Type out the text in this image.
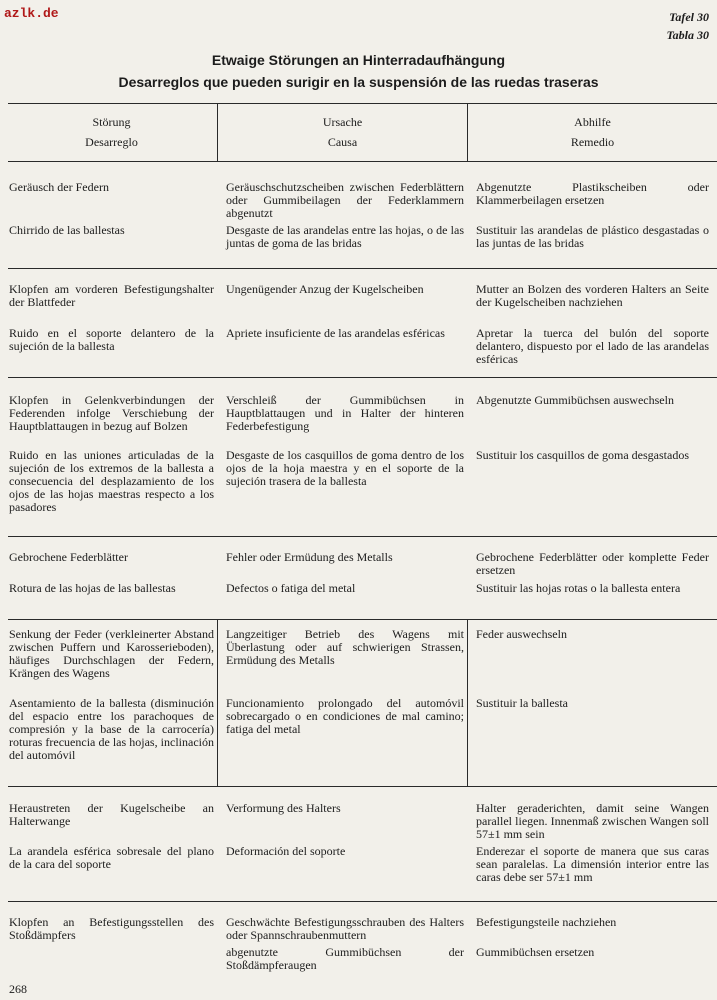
azlk.de	Tafel 30
Tabla 30
Etwaige Störungen an Hinterradaufhängung
Desarreglos que pueden surigir en la suspensión de las ruedas traseras
Störung
Desarreglo
Ursache
Causa
Abhilfe
Remedio
Geräusch der Federn
Chirrido de las ballestas
Geräuschschutzscheiben zwischen Federblättern oder Gummibeilagen der Federklammern abgenutzt
Desgaste de las arandelas entre las hojas, o de las juntas de goma de las bridas
Abgenutzte Plastikscheiben oder Klammerbeilagen ersetzen
Sustituir las arandelas de plástico desgastadas o las juntas de las bridas
Klopfen am vorderen Befestigungshalter der Blattfeder
Ruido en el soporte delantero de la sujeción de la ballesta
Ungenügender Anzug der Kugelscheiben
Apriete insuficiente de las arandelas esféricas
Mutter an Bolzen des vorderen Halters an Seite der Kugelscheiben nachziehen
Apretar la tuerca del bulón del soporte delantero, dispuesto por el lado de las arandelas esféricas
Klopfen in Gelenkverbindungen der Federenden infolge Verschiebung der Hauptblattaugen in bezug auf Bolzen
Ruido en las uniones articuladas de la sujeción de los extremos de la ballesta a consecuencia del desplazamiento de los ojos de las hojas maestras respecto a los pasadores
Verschleiß der Gummibüchsen in Hauptblattaugen und in Halter der hinteren Federbefestigung
Desgaste de los casquillos de goma dentro de los ojos de la hoja maestra y en el soporte de la sujeción trasera de la ballesta
Abgenutzte Gummibüchsen auswechseln
Sustituir los casquillos de goma desgastados
Gebrochene Federblätter
Rotura de las hojas de las ballestas
Fehler oder Ermüdung des Metalls
Defectos o fatiga del metal
Gebrochene Federblätter oder komplette Feder ersetzen
Sustituir las hojas rotas o la ballesta entera
Senkung der Feder (verkleinerter Abstand zwischen Puffern und Karosserieboden), häufiges Durchschlagen der Federn, Krängen des Wagens
Asentamiento de la ballesta (disminución del espacio entre los parachoques de compresión y la base de la carrocería) roturas frecuencia de las hojas, inclinación del automóvil
Langzeitiger Betrieb des Wagens mit Überlastung oder auf schwierigen Strassen, Ermüdung des Metalls
Funcionamiento prolongado del automóvil sobrecargado o en condiciones de mal camino; fatiga del metal
Feder auswechseln
Sustituir la ballesta
Heraustreten der Kugelscheibe an Halterwange
La arandela esférica sobresale del plano de la cara del soporte
Verformung des Halters
Deformación del soporte
Halter geraderichten, damit seine Wangen parallel liegen. Innenmaß zwischen Wangen soll 57±1 mm sein
Enderezar el soporte de manera que sus caras sean paralelas. La dimensión interior entre las caras debe ser 57±1 mm
Klopfen an Befestigungsstellen des Stoßdämpfers
Geschwächte Befestigungsschrauben des Halters oder Spannschraubenmuttern
abgenutzte Gummibüchsen der Stoßdämpferaugen
Befestigungsteile nachziehen
Gummibüchsen ersetzen
268
